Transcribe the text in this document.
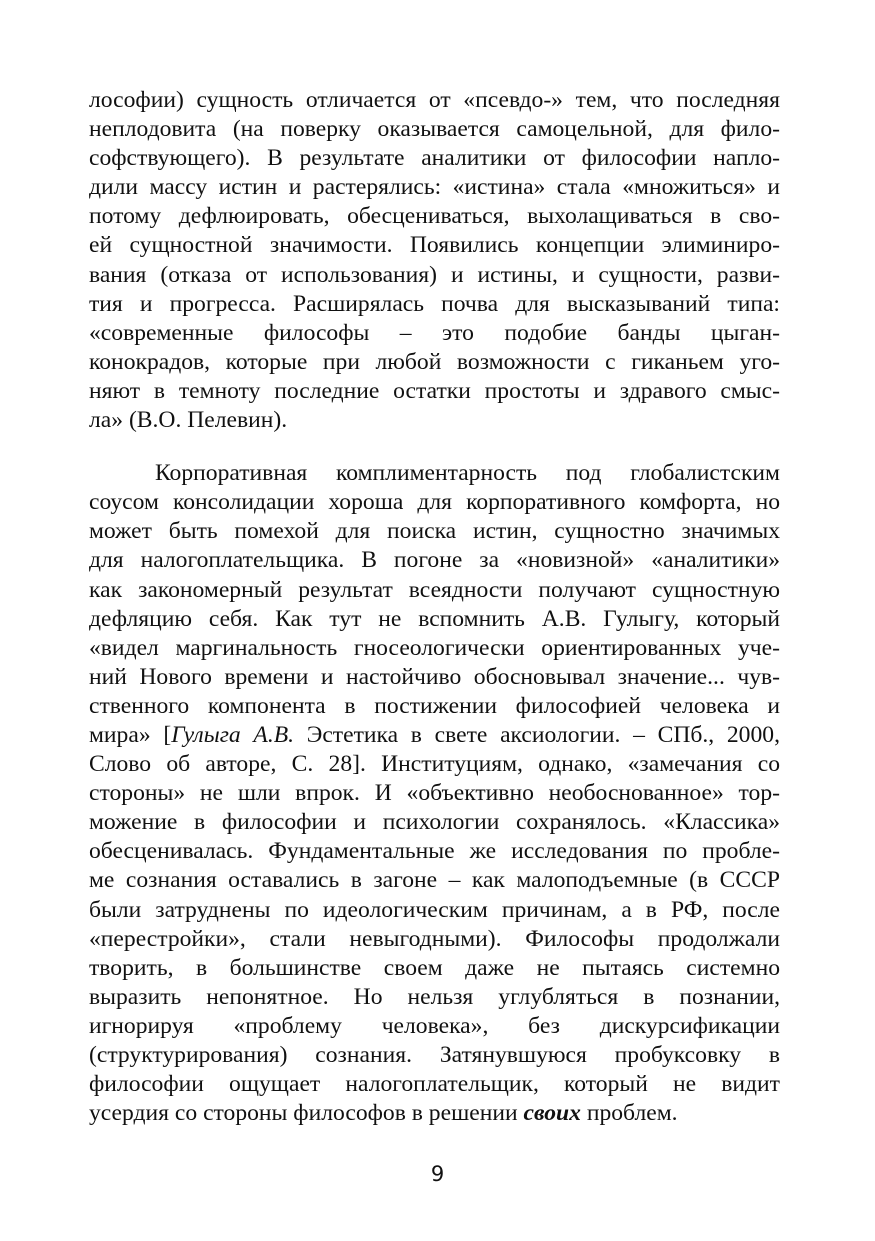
лософии) сущность отличается от «псевдо-» тем, что последняя
неплодовита (на поверку оказывается самоцельной, для фило-
софствующего). В результате аналитики от философии напло-
дили массу истин и растерялись: «истина» стала «множиться» и
потому дефлюировать, обесцениваться, выхолащиваться в сво-
ей сущностной значимости. Появились концепции элиминиро-
вания (отказа от использования) и истины, и сущности, разви-
тия и прогресса. Расширялась почва для высказываний типа:
«современные философы – это подобие банды цыган-
конокрадов, которые при любой возможности с гиканьем уго-
няют в темноту последние остатки простоты и здравого смыс-
ла» (В.О. Пелевин).

Корпоративная комплиментарность под глобалистским
соусом консолидации хороша для корпоративного комфорта, но
может быть помехой для поиска истин, сущностно значимых
для налогоплательщика. В погоне за «новизной» «аналитики»
как закономерный результат всеядности получают сущностную
дефляцию себя. Как тут не вспомнить А.В. Гулыгу, который
«видел маргинальность гносеологически ориентированных уче-
ний Нового времени и настойчиво обосновывал значение... чув-
ственного компонента в постижении философией человека и
мира» [Гулыга А.В. Эстетика в свете аксиологии. – СПб., 2000,
Слово об авторе, С. 28]. Институциям, однако, «замечания со
стороны» не шли впрок. И «объективно необоснованное» тор-
можение в философии и психологии сохранялось. «Классика»
обесценивалась. Фундаментальные же исследования по пробле-
ме сознания оставались в загоне – как малоподъемные (в СССР
были затруднены по идеологическим причинам, а в РФ, после
«перестройки», стали невыгодными). Философы продолжали
творить, в большинстве своем даже не пытаясь системно
выразить непонятное. Но нельзя углубляться в познании,
игнорируя «проблему человека», без дискурсификации
(структурирования) сознания. Затянувшуюся пробуксовку в
философии ощущает налогоплательщик, который не видит
усердия со стороны философов в решении своих проблем.

9
